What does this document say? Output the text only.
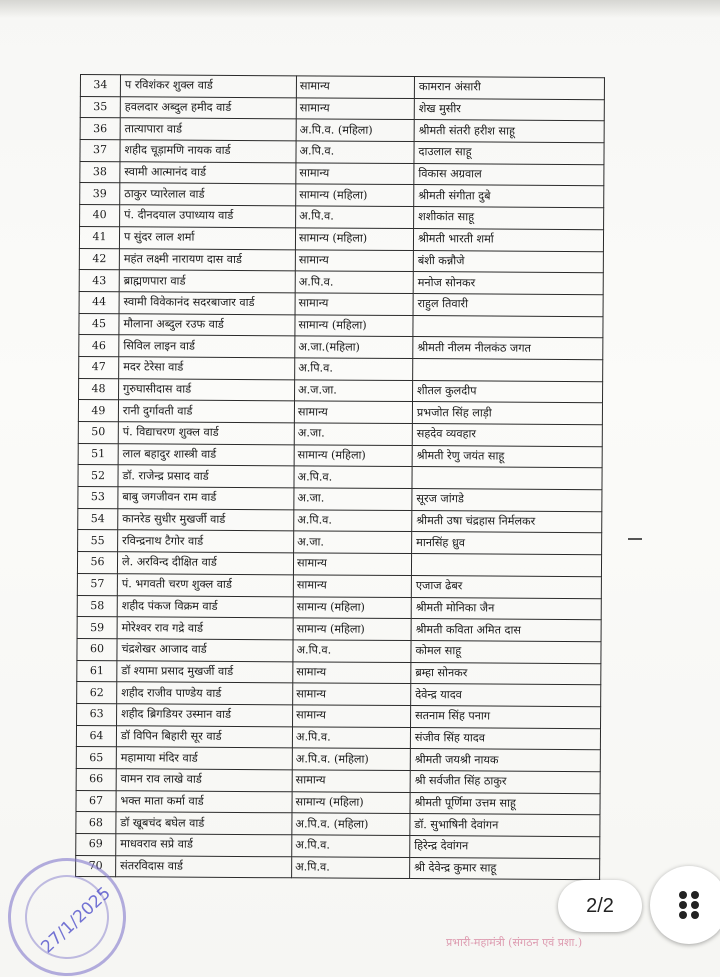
34	प रविशंकर शुक्ल वार्ड	सामान्य	कामरान अंसारी
35	हवलदार अब्दुल हमीद वार्ड	सामान्य	शेख मुसीर
36	तात्यापारा वार्ड	अ.पि.व. (महिला)	श्रीमती संतरी हरीश साहू
37	शहीद चूड़ामणि नायक वार्ड	अ.पि.व.	दाउलाल साहू
38	स्वामी आत्मानंद वार्ड	सामान्य	विकास अग्रवाल
39	ठाकुर प्यारेलाल वार्ड	सामान्य (महिला)	श्रीमती संगीता दुबे
40	पं. दीनदयाल उपाध्याय वार्ड	अ.पि.व.	शशीकांत साहू
41	प सुंदर लाल शर्मा	सामान्य (महिला)	श्रीमती भारती शर्मा
42	महंत लक्ष्मी नारायण दास वार्ड	सामान्य	बंशी कन्नौजे
43	ब्राह्मणपारा वार्ड	अ.पि.व.	मनोज सोनकर
44	स्वामी विवेकानंद सदरबाजार वार्ड	सामान्य	राहुल तिवारी
45	मौलाना अब्दुल रउफ वार्ड	सामान्य (महिला)	
46	सिविल लाइन वार्ड	अ.जा.(महिला)	श्रीमती नीलम नीलकंठ जगत
47	मदर टेरेसा वार्ड	अ.पि.व.	
48	गुरुघासीदास वार्ड	अ.ज.जा.	शीतल कुलदीप
49	रानी दुर्गावती वार्ड	सामान्य	प्रभजोत सिंह लाड़ी
50	पं. विद्याचरण शुक्ल वार्ड	अ.जा.	सहदेव व्यवहार
51	लाल बहादुर शास्त्री वार्ड	सामान्य (महिला)	श्रीमती रेणु जयंत साहू
52	डॉ. राजेन्द्र प्रसाद वार्ड	अ.पि.व.	
53	बाबु जगजीवन राम वार्ड	अ.जा.	सूरज जांगडे
54	कानरेड सुधीर मुखर्जी वार्ड	अ.पि.व.	श्रीमती उषा चंद्रहास निर्मलकर
55	रविन्द्रनाथ टैगोर वार्ड	अ.जा.	मानसिंह ध्रुव
56	ले. अरविन्द दीक्षित वार्ड	सामान्य	
57	पं. भगवती चरण शुक्ल वार्ड	सामान्य	एजाज ढेबर
58	शहीद पंकज विक्रम वार्ड	सामान्य (महिला)	श्रीमती मोनिका जैन
59	मोरेश्वर राव गद्रे वार्ड	सामान्य (महिला)	श्रीमती कविता अमित दास
60	चंद्रशेखर आजाद वार्ड	अ.पि.व.	कोमल साहू
61	डॉ श्यामा प्रसाद मुखर्जी वार्ड	सामान्य	ब्रम्हा सोनकर
62	शहीद राजीव पाण्डेय वार्ड	सामान्य	देवेन्द्र यादव
63	शहीद ब्रिगडियर उस्मान वार्ड	सामान्य	सतनाम सिंह पनाग
64	डॉ विपिन बिहारी सूर वार्ड	अ.पि.व.	संजीव सिंह यादव
65	महामाया मंदिर वार्ड	अ.पि.व. (महिला)	श्रीमती जयश्री नायक
66	वामन राव लाखे वार्ड	सामान्य	श्री सर्वजीत सिंह ठाकुर
67	भक्त माता कर्मा वार्ड	सामान्य (महिला)	श्रीमती पूर्णिमा उत्तम साहू
68	डॉ खूबचंद बघेल वार्ड	अ.पि.व. (महिला)	डॉ. सुभाषिनी देवांगन
69	माधवराव सप्रे वार्ड	अ.पि.व.	हिरेन्द्र देवांगन
70	संतरविदास वार्ड	अ.पि.व.	श्री देवेन्द्र कुमार साहू
27/1/2025	प्रभारी-महामंत्री (संगठन एवं प्रशा.)
2/2
